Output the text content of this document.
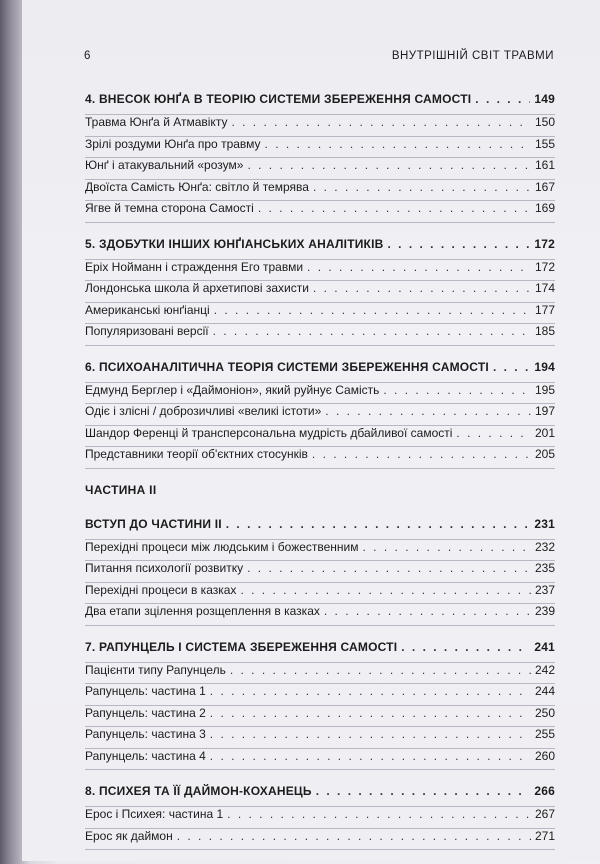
6	ВНУТРІШНІЙ СВІТ ТРАВМИ
4. ВНЕСОК ЮНҐА В ТЕОРІЮ СИСТЕМИ ЗБЕРЕЖЕННЯ САМОСТІ . . .	149
Травма Юнґа й Атмавікту . . .	150
Зрілі роздуми Юнґа про травму . . .	155
Юнґ і атакувальний «розум» . . .	161
Двоїста Самість Юнґа: світло й темрява . . .	167
Ягве й темна сторона Самості . . .	169
5. ЗДОБУТКИ ІНШИХ ЮНҐІАНСЬКИХ АНАЛІТИКІВ . . .	172
Еріх Нойманн і страждення Его травми . . .	172
Лондонська школа й архетипові захисти . . .	174
Американські юнґіанці . . .	177
Популяризовані версії . . .	185
6. ПСИХОАНАЛІТИЧНА ТЕОРІЯ СИСТЕМИ ЗБЕРЕЖЕННЯ САМОСТІ . . .	194
Едмунд Берглер і «Даймоніон», який руйнує Самість . . .	195
Одіє і злісні / доброзичливі «великі істоти» . . .	197
Шандор Ференці й трансперсональна мудрість дбайливої самості . . .	201
Представники теорії об'єктних стосунків . . .	205
ЧАСТИНА ІІ
ВСТУП ДО ЧАСТИНИ ІІ . . .	231
Перехідні процеси між людським і божественним . . .	232
Питання психології розвитку . . .	235
Перехідні процеси в казках . . .	237
Два етапи зцілення розщеплення в казках . . .	239
7. РАПУНЦЕЛЬ І СИСТЕМА ЗБЕРЕЖЕННЯ САМОСТІ . . .	241
Пацієнти типу Рапунцель . . .	242
Рапунцель: частина 1 . . .	244
Рапунцель: частина 2 . . .	250
Рапунцель: частина 3 . . .	255
Рапунцель: частина 4 . . .	260
8. ПСИХЕЯ ТА ЇЇ ДАЙМОН-КОХАНЕЦЬ . . .	266
Ерос і Психея: частина 1 . . .	267
Ерос як даймон . . .	271
